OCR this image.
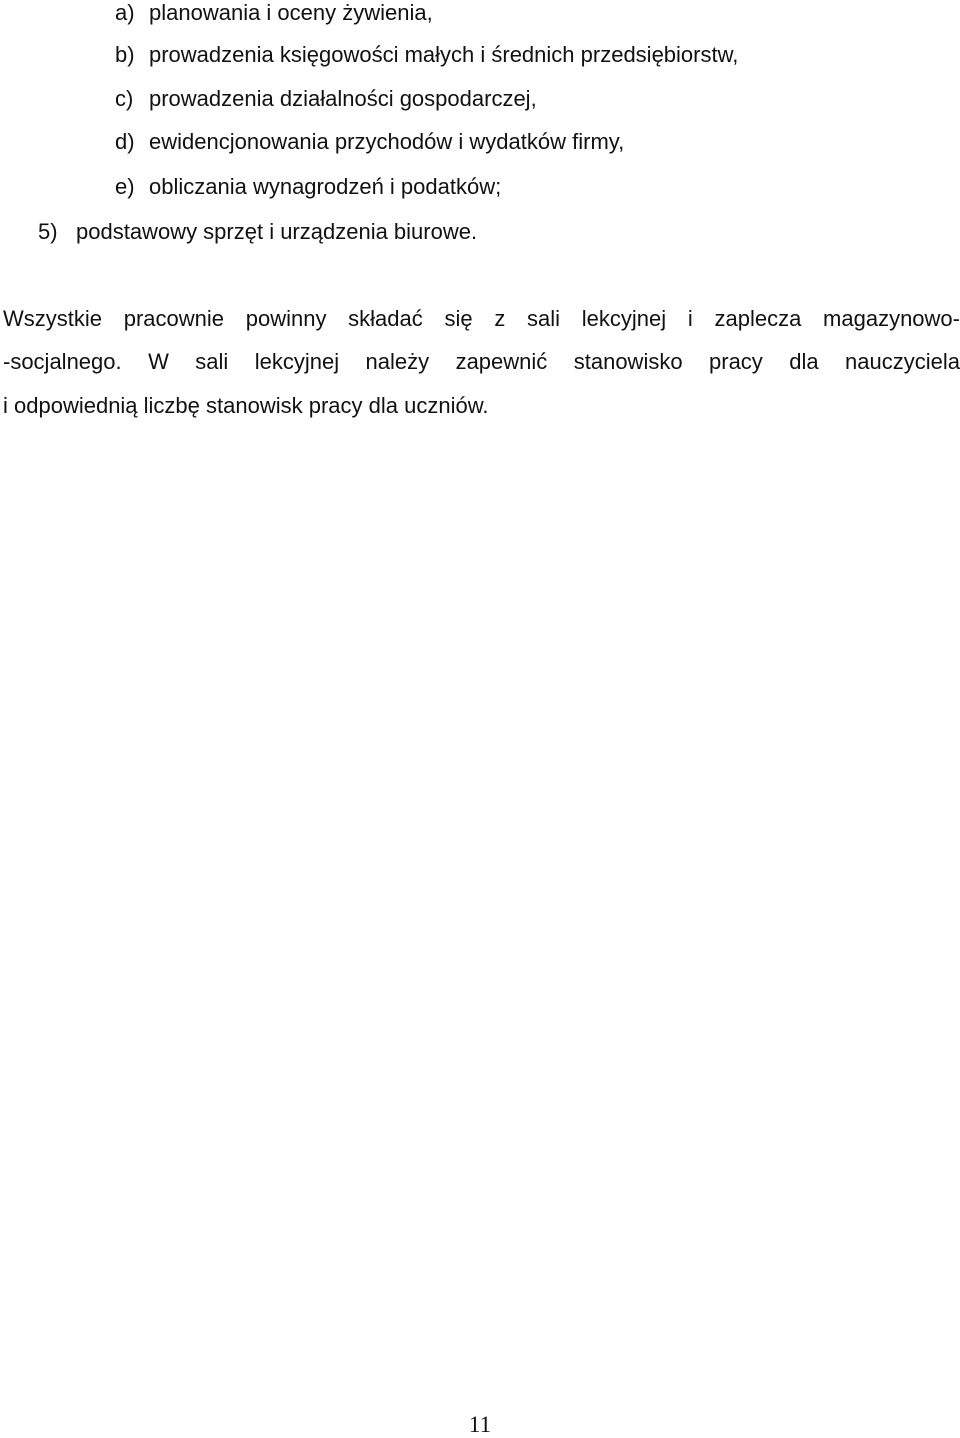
a) planowania i oceny żywienia,
b) prowadzenia księgowości małych i średnich przedsiębiorstw,
c) prowadzenia działalności gospodarczej,
d) ewidencjonowania przychodów i wydatków firmy,
e) obliczania wynagrodzeń i podatków;
5) podstawowy sprzęt i urządzenia biurowe.
Wszystkie pracownie powinny składać się z sali lekcyjnej i zaplecza magazynowo-
-socjalnego. W sali lekcyjnej należy zapewnić stanowisko pracy dla nauczyciela
i odpowiednią liczbę stanowisk pracy dla uczniów.
11
